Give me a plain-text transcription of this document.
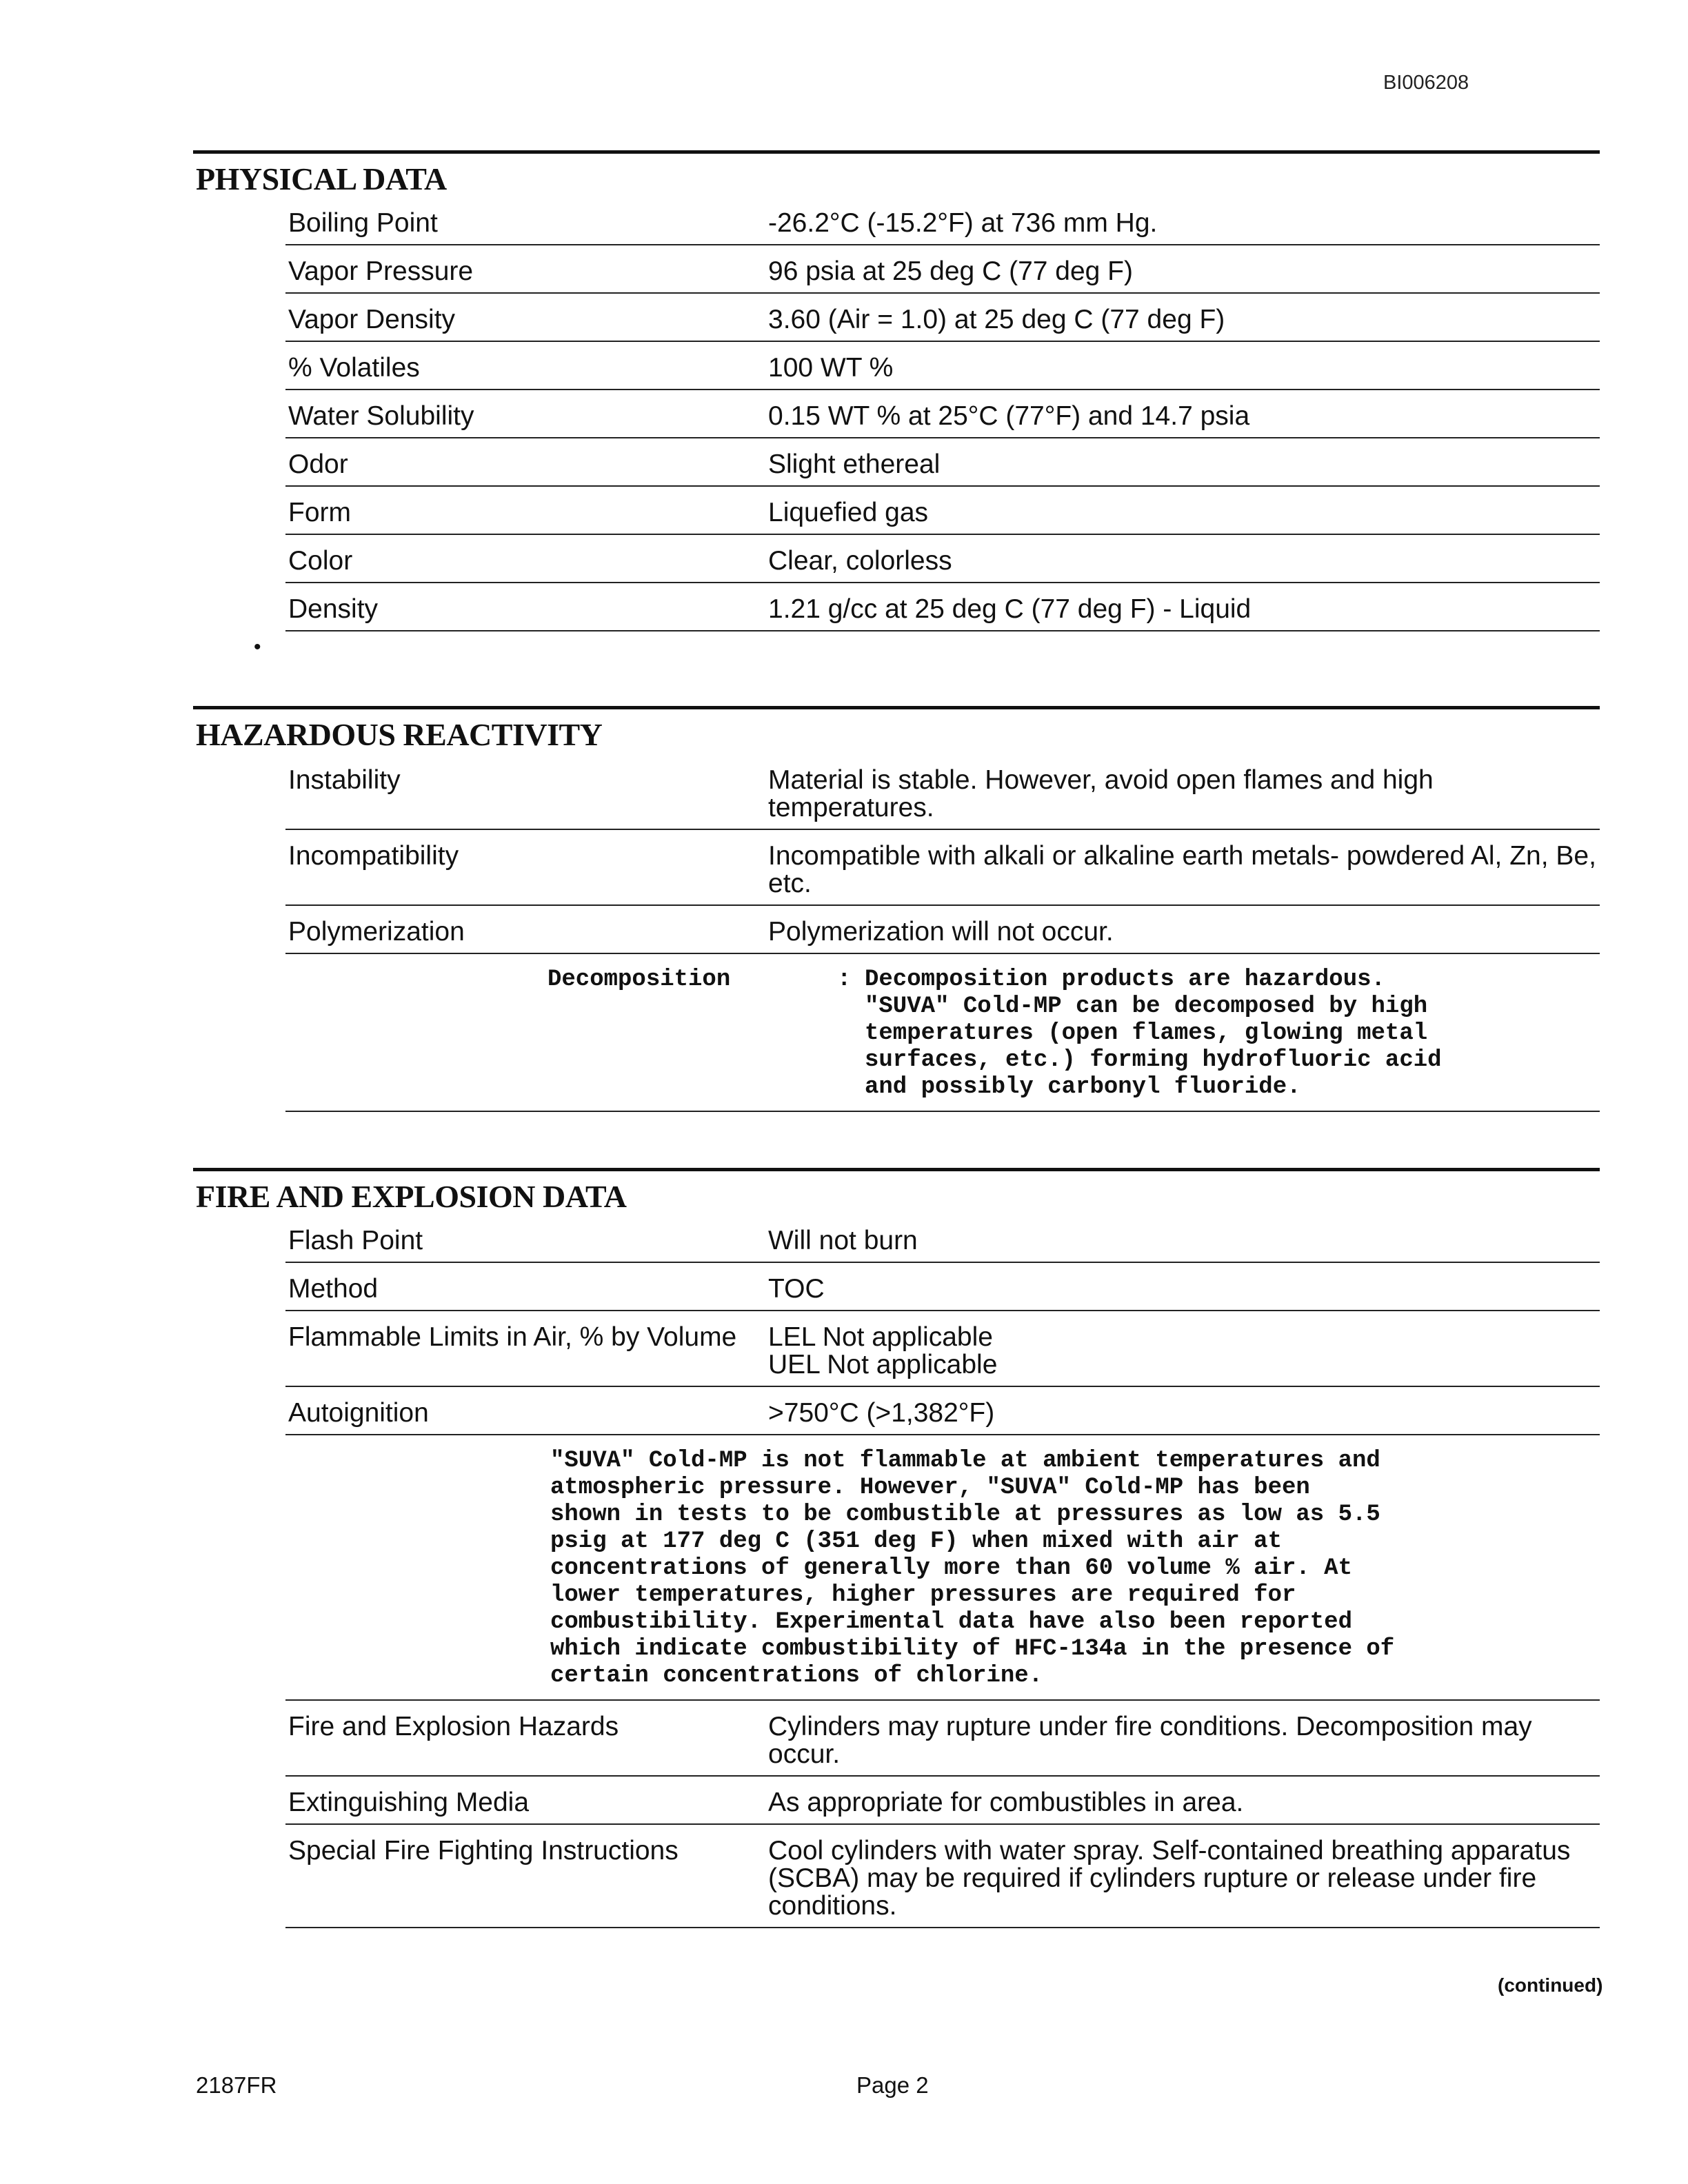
BI006208
PHYSICAL DATA
Boiling Point	-26.2°C (-15.2°F) at 736 mm Hg.
Vapor Pressure	96 psia at 25 deg C (77 deg F)
Vapor Density	3.60 (Air = 1.0) at 25 deg C (77 deg F)
% Volatiles	100 WT %
Water Solubility	0.15 WT % at 25°C (77°F) and 14.7 psia
Odor	Slight ethereal
Form	Liquefied gas
Color	Clear, colorless
Density	1.21 g/cc at 25 deg C (77 deg F) - Liquid
HAZARDOUS REACTIVITY
Instability	Material is stable. However, avoid open flames and high temperatures.
Incompatibility	Incompatible with alkali or alkaline earth metals- powdered Al, Zn, Be, etc.
Polymerization	Polymerization will not occur.
Decomposition	: Decomposition products are hazardous.
"SUVA" Cold-MP can be decomposed by high
temperatures (open flames, glowing metal
surfaces, etc.) forming hydrofluoric acid
and possibly carbonyl fluoride.
FIRE AND EXPLOSION DATA
Flash Point	Will not burn
Method	TOC
Flammable Limits in Air, % by Volume	LEL Not applicable
UEL Not applicable
Autoignition	>750°C (>1,382°F)
"SUVA" Cold-MP is not flammable at ambient temperatures and
atmospheric pressure. However, "SUVA" Cold-MP has been
shown in tests to be combustible at pressures as low as 5.5
psig at 177 deg C (351 deg F) when mixed with air at
concentrations of generally more than 60 volume % air. At
lower temperatures, higher pressures are required for
combustibility. Experimental data have also been reported
which indicate combustibility of HFC-134a in the presence of
certain concentrations of chlorine.
Fire and Explosion Hazards	Cylinders may rupture under fire conditions. Decomposition may occur.
Extinguishing Media	As appropriate for combustibles in area.
Special Fire Fighting Instructions	Cool cylinders with water spray. Self-contained breathing apparatus (SCBA) may be required if cylinders rupture or release under fire conditions.
•
(continued)
2187FR	Page 2
